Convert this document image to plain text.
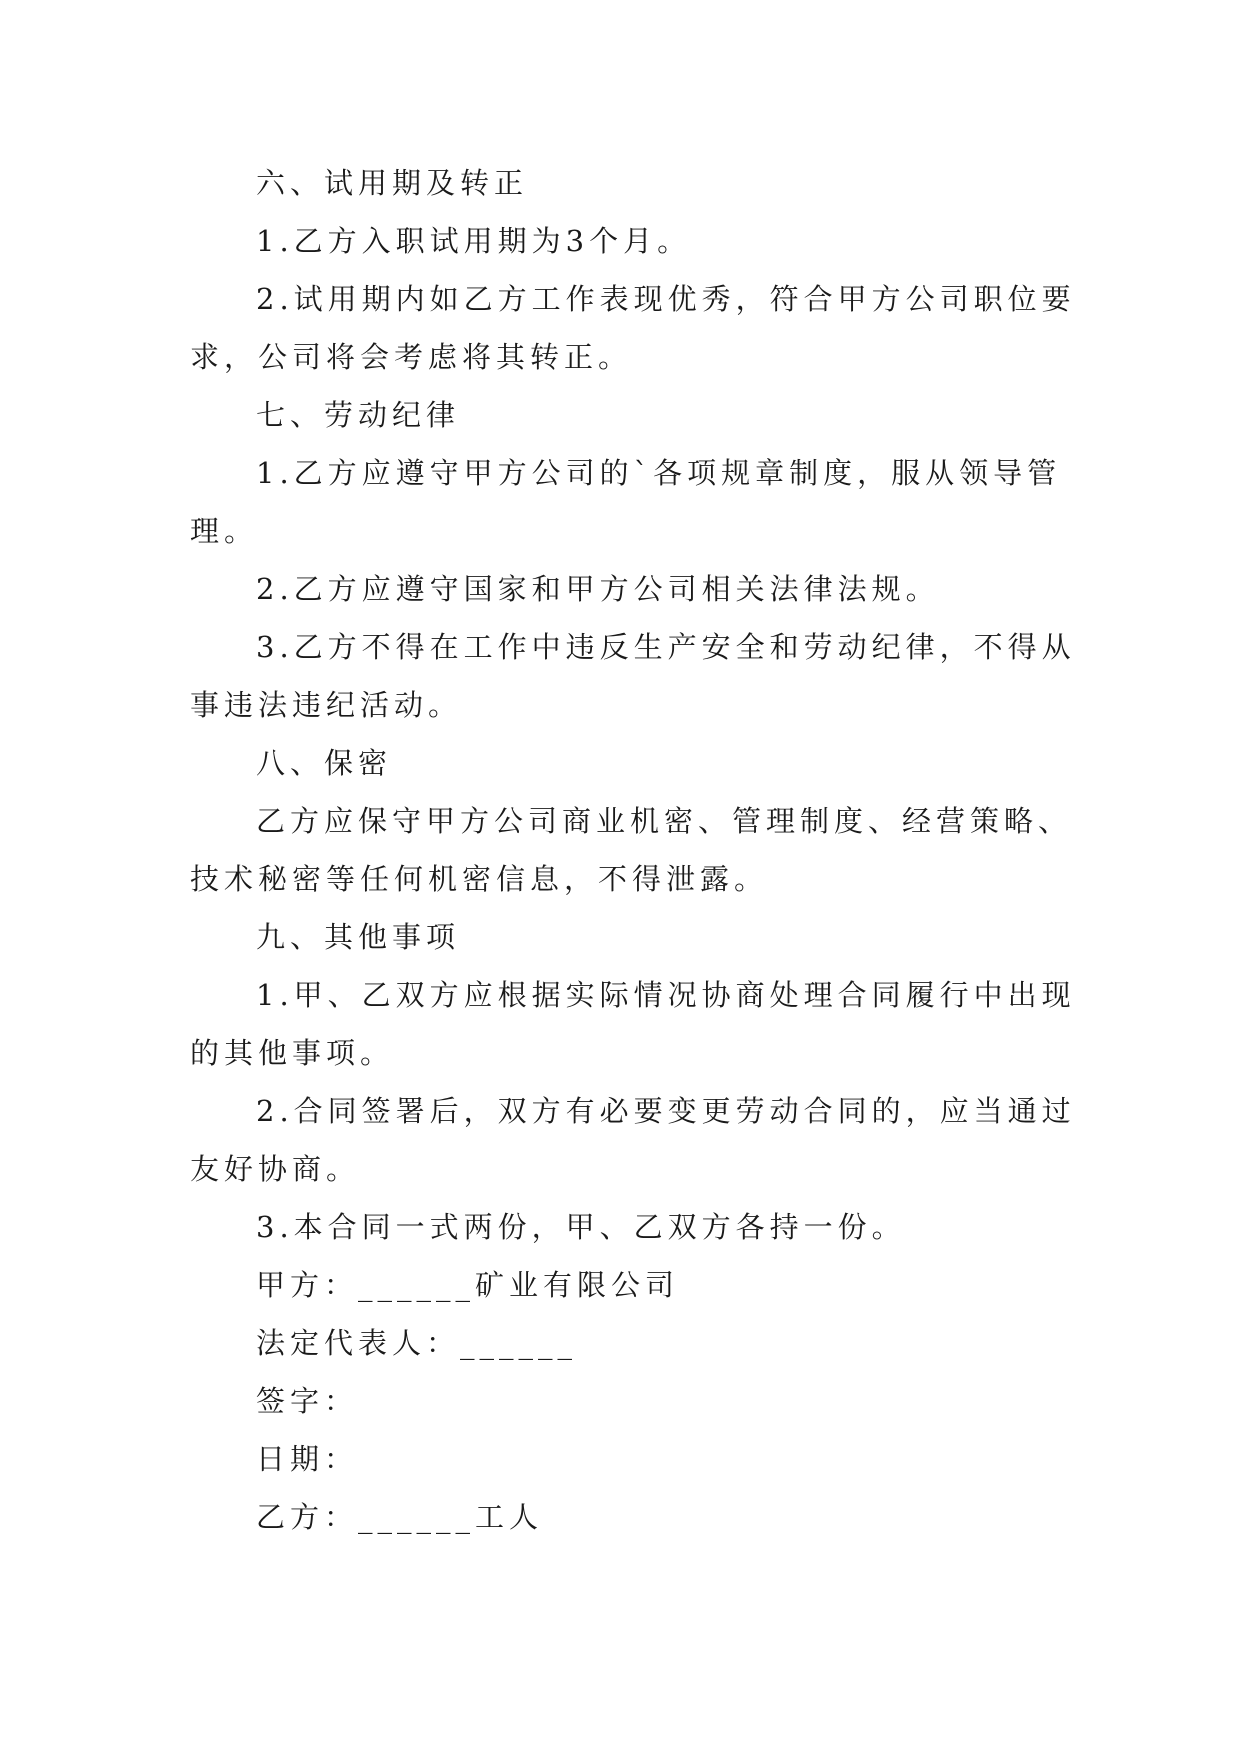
六、试用期及转正
1.乙方入职试用期为3个月。
2.试用期内如乙方工作表现优秀，符合甲方公司职位要
求，公司将会考虑将其转正。
七、劳动纪律
1.乙方应遵守甲方公司的`各项规章制度，服从领导管
理。
2.乙方应遵守国家和甲方公司相关法律法规。
3.乙方不得在工作中违反生产安全和劳动纪律，不得从
事违法违纪活动。
八、保密
乙方应保守甲方公司商业机密、管理制度、经营策略、
技术秘密等任何机密信息，不得泄露。
九、其他事项
1.甲、乙双方应根据实际情况协商处理合同履行中出现
的其他事项。
2.合同签署后，双方有必要变更劳动合同的，应当通过
友好协商。
3.本合同一式两份，甲、乙双方各持一份。
甲方：______矿业有限公司
法定代表人：______
签字：
日期：
乙方：______工人
